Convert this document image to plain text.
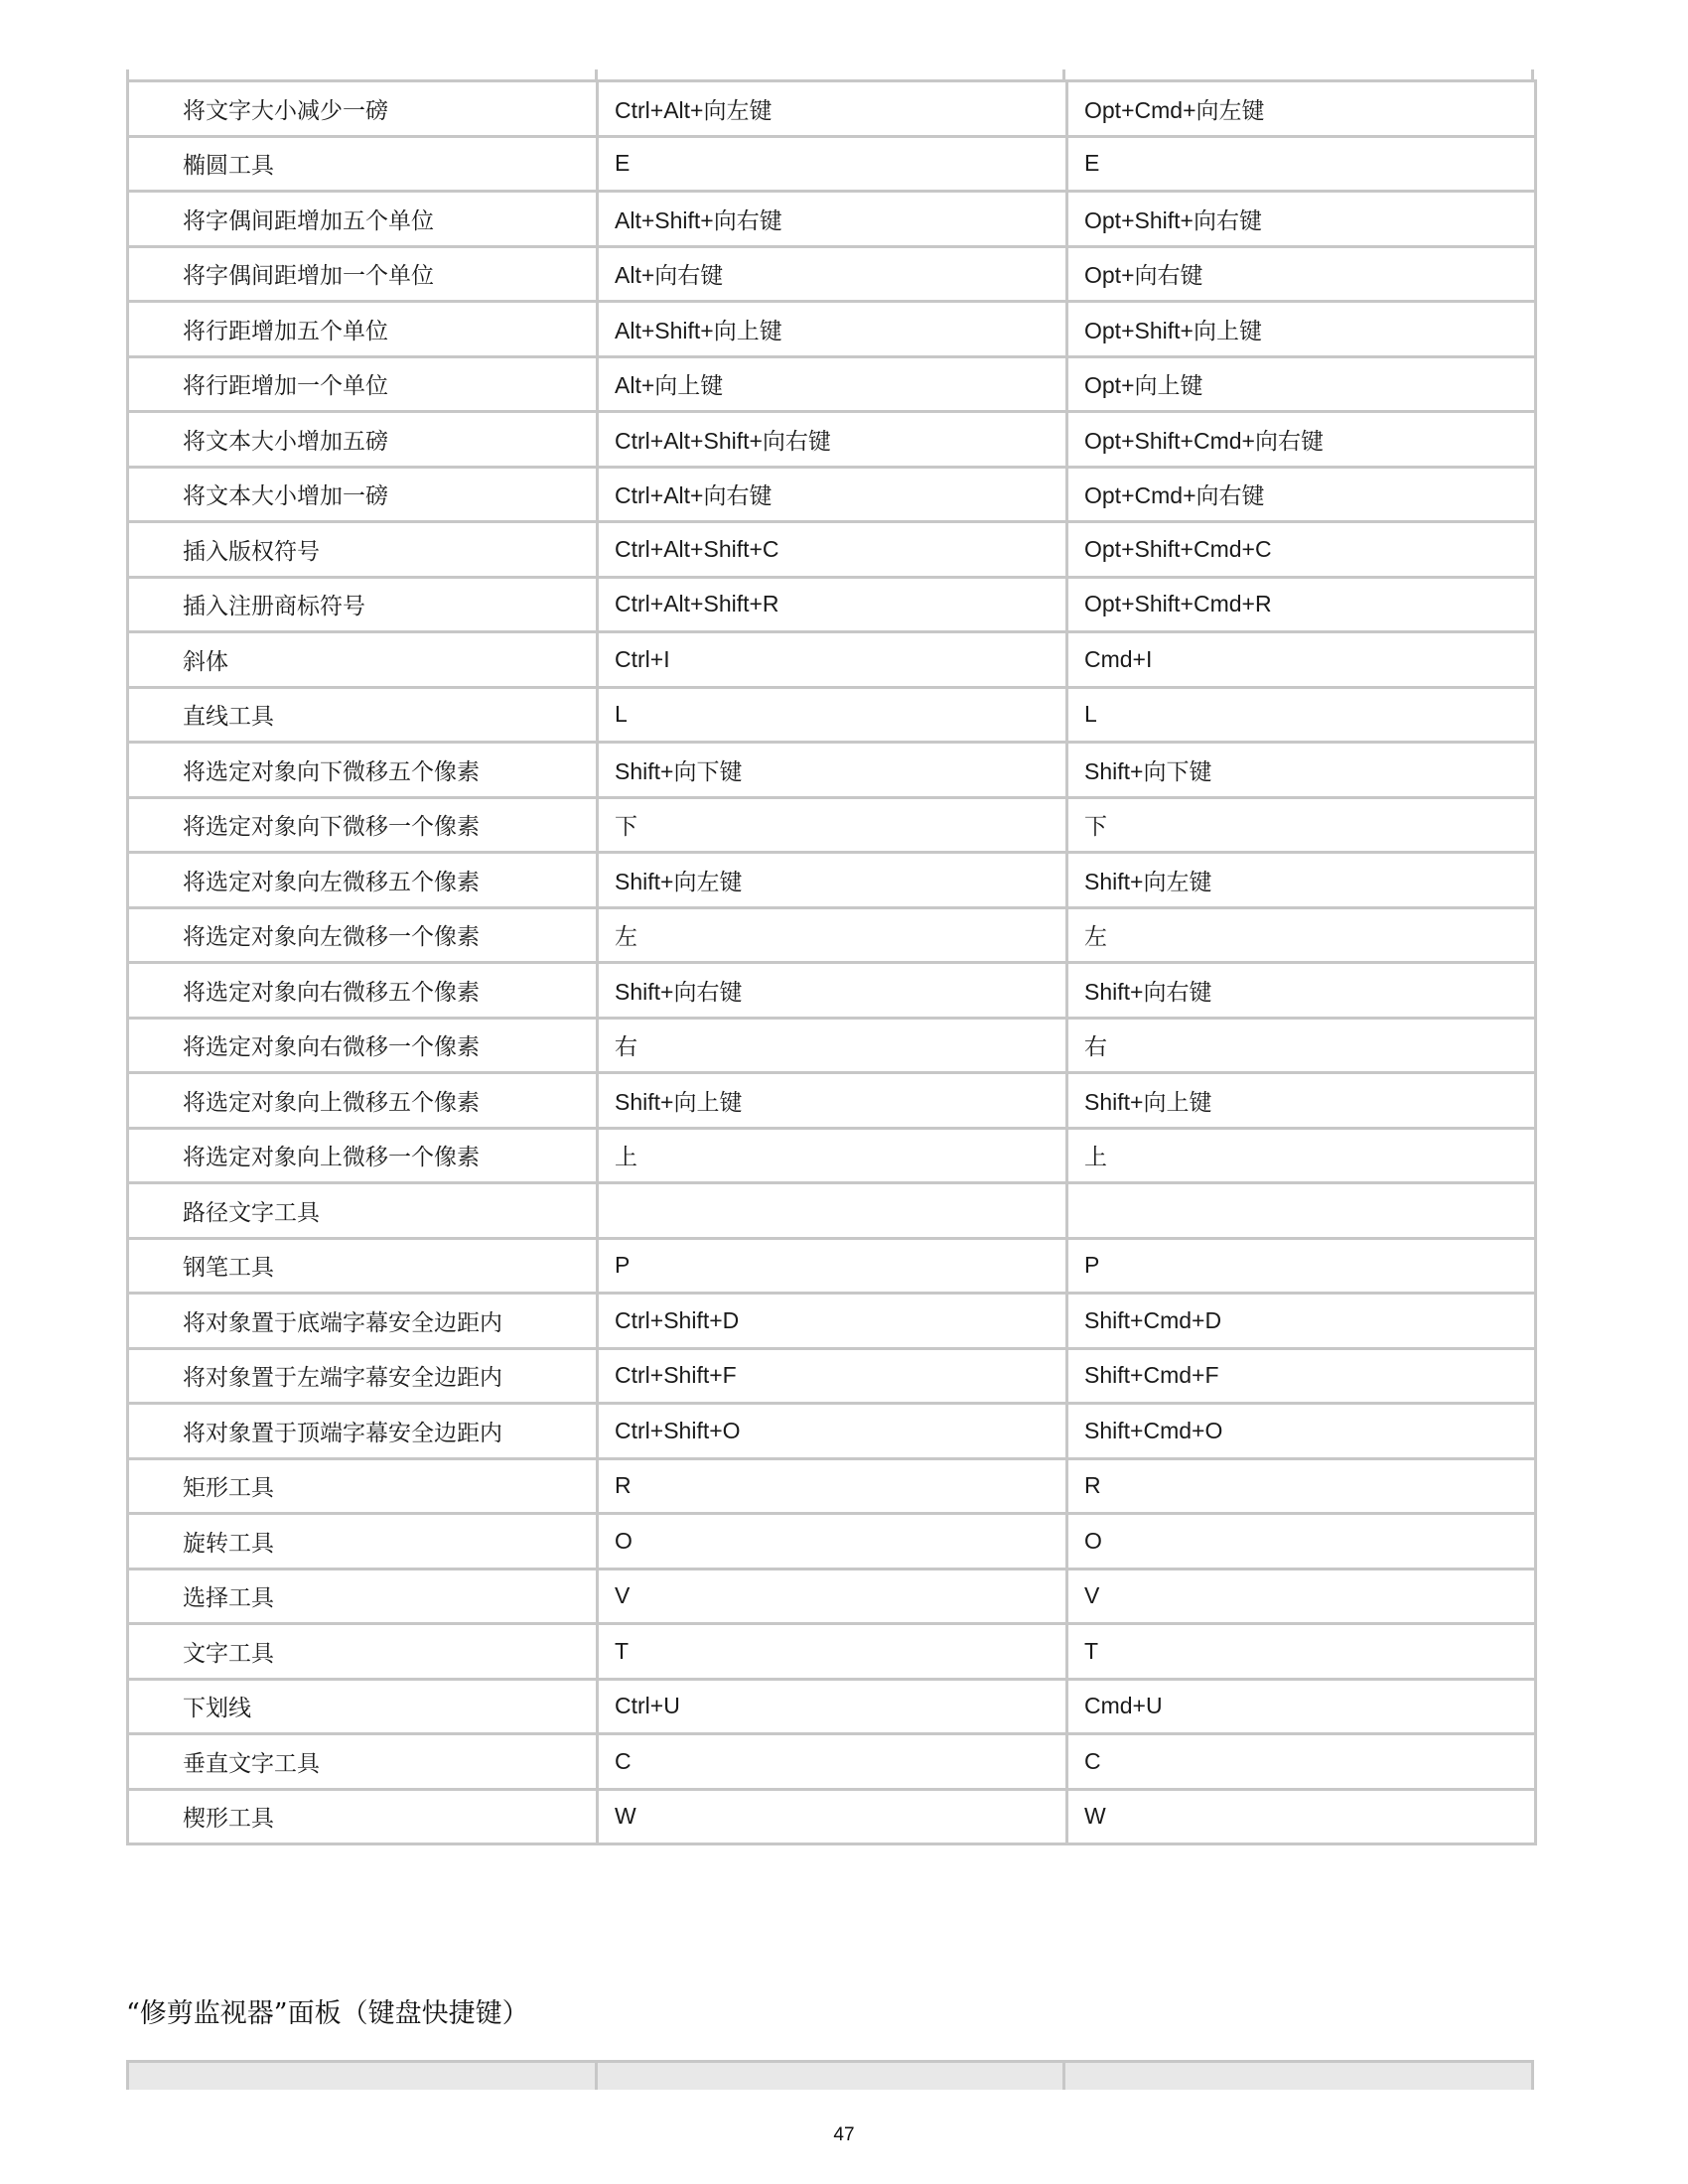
将文字大小减少一磅	Ctrl+Alt+向左键	Opt+Cmd+向左键
椭圆工具	E	E
将字偶间距增加五个单位	Alt+Shift+向右键	Opt+Shift+向右键
将字偶间距增加一个单位	Alt+向右键	Opt+向右键
将行距增加五个单位	Alt+Shift+向上键	Opt+Shift+向上键
将行距增加一个单位	Alt+向上键	Opt+向上键
将文本大小增加五磅	Ctrl+Alt+Shift+向右键	Opt+Shift+Cmd+向右键
将文本大小增加一磅	Ctrl+Alt+向右键	Opt+Cmd+向右键
插入版权符号	Ctrl+Alt+Shift+C	Opt+Shift+Cmd+C
插入注册商标符号	Ctrl+Alt+Shift+R	Opt+Shift+Cmd+R
斜体	Ctrl+I	Cmd+I
直线工具	L	L
将选定对象向下微移五个像素	Shift+向下键	Shift+向下键
将选定对象向下微移一个像素	下	下
将选定对象向左微移五个像素	Shift+向左键	Shift+向左键
将选定对象向左微移一个像素	左	左
将选定对象向右微移五个像素	Shift+向右键	Shift+向右键
将选定对象向右微移一个像素	右	右
将选定对象向上微移五个像素	Shift+向上键	Shift+向上键
将选定对象向上微移一个像素	上	上
路径文字工具		
钢笔工具	P	P
将对象置于底端字幕安全边距内	Ctrl+Shift+D	Shift+Cmd+D
将对象置于左端字幕安全边距内	Ctrl+Shift+F	Shift+Cmd+F
将对象置于顶端字幕安全边距内	Ctrl+Shift+O	Shift+Cmd+O
矩形工具	R	R
旋转工具	O	O
选择工具	V	V
文字工具	T	T
下划线	Ctrl+U	Cmd+U
垂直文字工具	C	C
楔形工具	W	W
“修剪监视器”面板（键盘快捷键）
47
